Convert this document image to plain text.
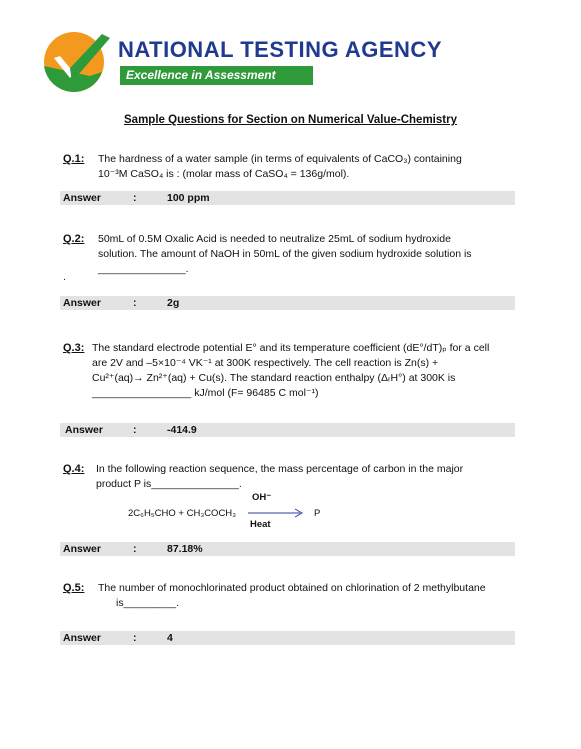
NATIONAL TESTING AGENCY
Excellence in Assessment
Sample Questions for Section on Numerical Value-Chemistry
Q.1: The hardness of a water sample (in terms of equivalents of CaCO₃) containing
10⁻³M CaSO₄ is : (molar mass of CaSO₄ = 136g/mol).
Answer	:	100 ppm
Q.2: 50mL of 0.5M Oxalic Acid is needed to neutralize 25mL of sodium hydroxide
solution. The amount of NaOH in 50mL of the given sodium hydroxide solution is
_______________.
.
Answer	:	2g
Q.3: The standard electrode potential E° and its temperature coefficient (dE°/dT)ₚ for a cell
are 2V and –5×10⁻⁴ VK⁻¹ at 300K respectively. The cell reaction is Zn(s) +
Cu²⁺(aq)→ Zn²⁺(aq) + Cu(s). The standard reaction enthalpy (ΔᵣH°) at 300K is
_________________ kJ/mol (F= 96485 C mol⁻¹)
Answer	:	-414.9
Q.4: In the following reaction sequence, the mass percentage of carbon in the major
product P is_______________.
2C₆H₅CHO + CH₃COCH₃
OH⁻
Heat
P
Answer	:	87.18%
Q.5: The number of monochlorinated product obtained on chlorination of 2 methylbutane
is_________.
Answer	:	4
